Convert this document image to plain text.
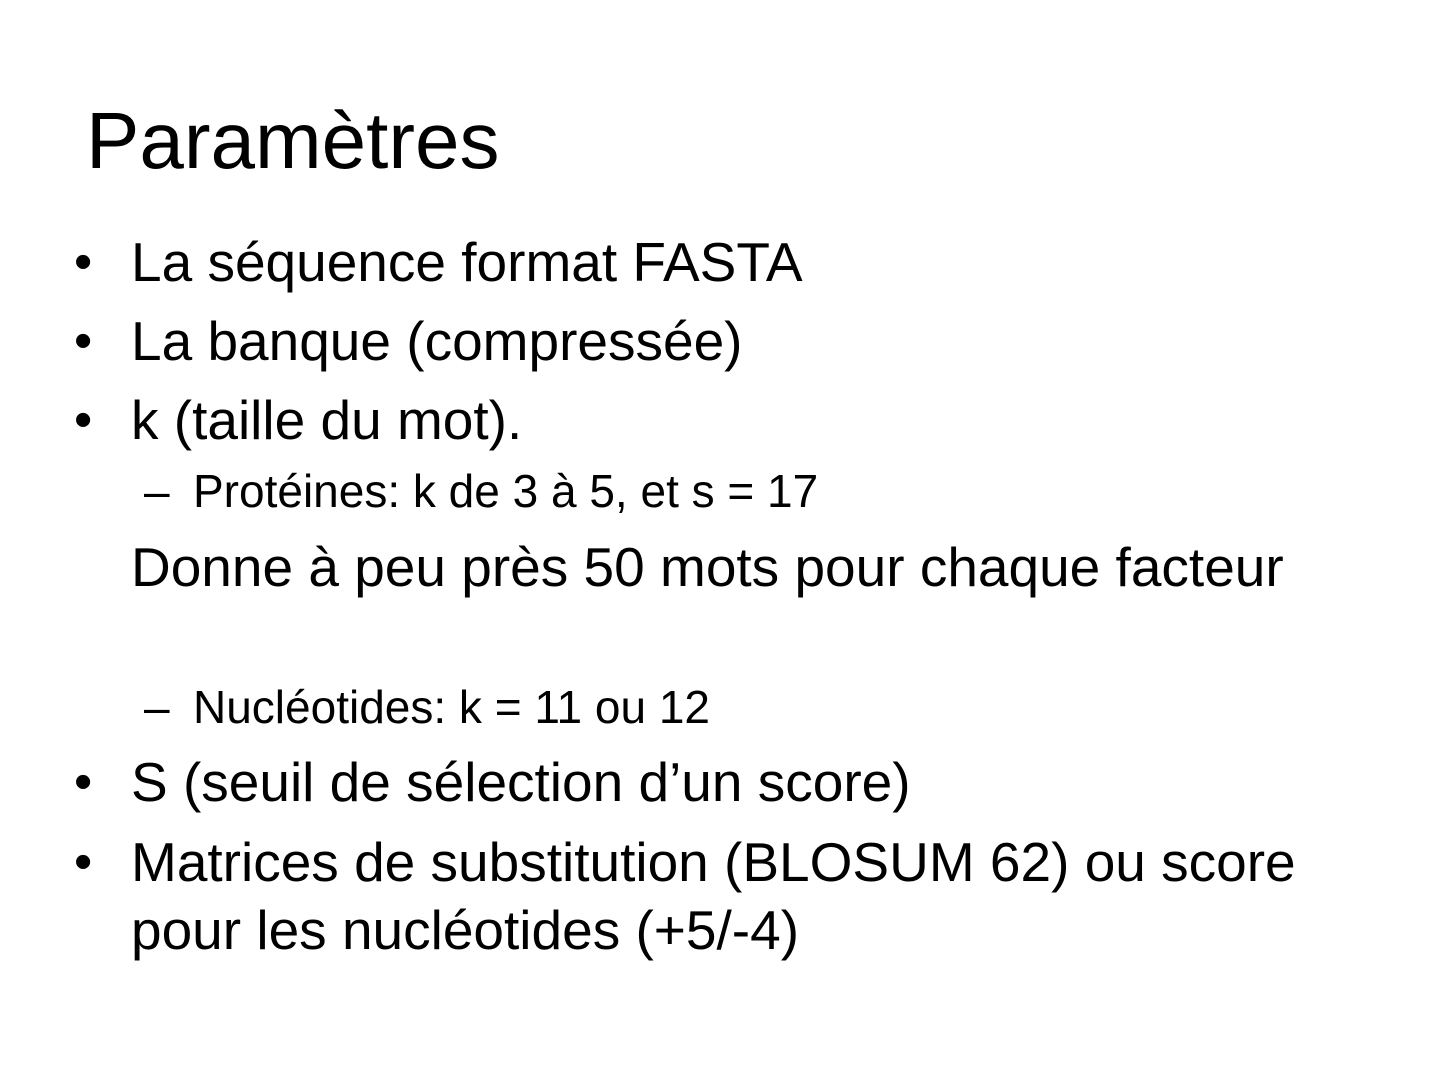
Paramètres
• La séquence format FASTA
• La banque (compressée)
• k (taille du mot).
– Protéines: k de 3 à 5, et s = 17
Donne à peu près 50 mots pour chaque facteur
– Nucléotides: k = 11 ou 12
• S (seuil de sélection d’un score)
• Matrices de substitution (BLOSUM 62) ou score pour les nucléotides (+5/-4)
